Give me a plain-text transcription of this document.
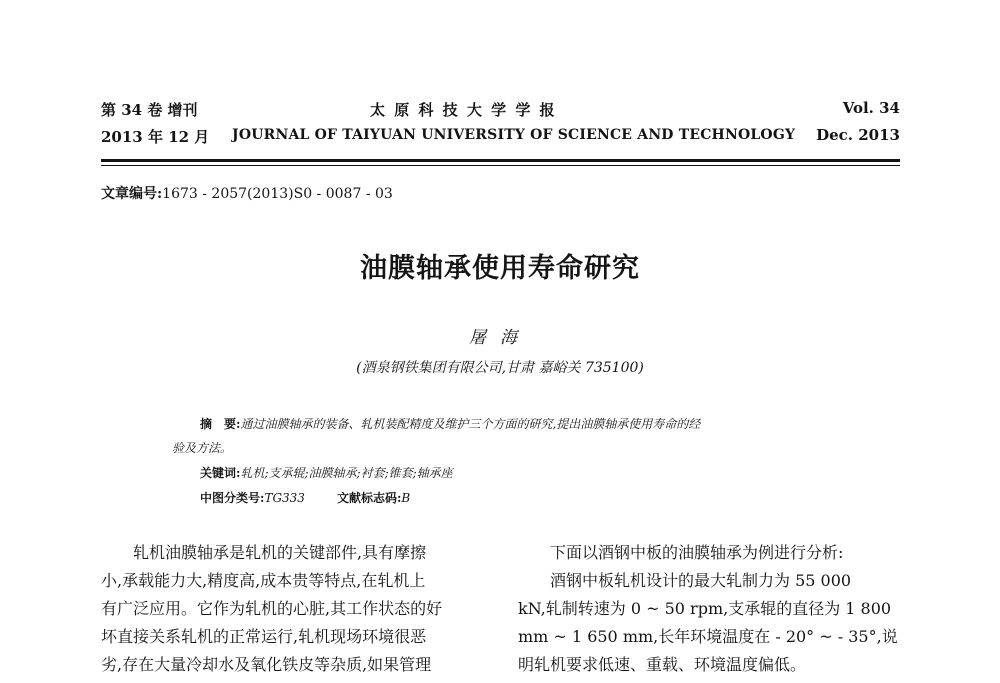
第 34 卷 增刊
2013 年 12 月
太 原 科 技 大 学 学 报
JOURNAL OF TAIYUAN UNIVERSITY OF SCIENCE AND TECHNOLOGY
Vol. 34
Dec. 2013
文章编号:1673 - 2057(2013)S0 - 0087 - 03
油膜轴承使用寿命研究
屠海
(酒泉钢铁集团有限公司,甘肃 嘉峪关 735100)
摘　要:通过油膜轴承的装备、轧机装配精度及维护三个方面的研究,提出油膜轴承使用寿命的经
验及方法。
关键词:轧机;支承辊;油膜轴承;衬套;锥套;轴承座
中图分类号:TG333	文献标志码:B
　　轧机油膜轴承是轧机的关键部件,具有摩擦
小,承载能力大,精度高,成本贵等特点,在轧机上
有广泛应用。它作为轧机的心脏,其工作状态的好
坏直接关系轧机的正常运行,轧机现场环境很恶
劣,存在大量冷却水及氧化铁皮等杂质,如果管理
　　下面以酒钢中板的油膜轴承为例进行分析:
　　酒钢中板轧机设计的最大轧制力为 55 000
kN,轧制转速为 0 ~ 50 rpm,支承辊的直径为 1 800
mm ~ 1 650 mm,长年环境温度在 - 20° ~ - 35°,说
明轧机要求低速、重载、环境温度偏低。
